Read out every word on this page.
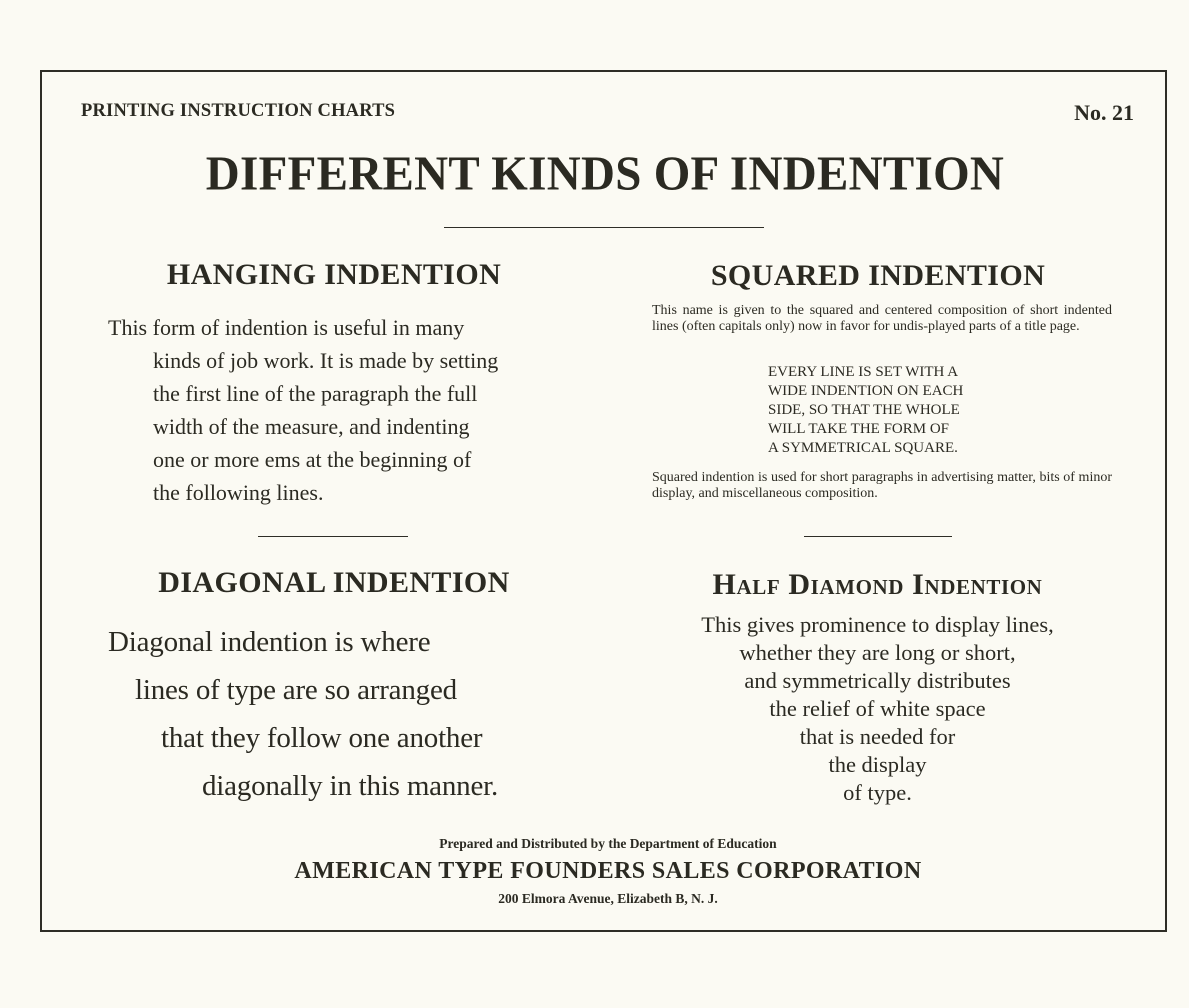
PRINTING INSTRUCTION CHARTS	No. 21
DIFFERENT KINDS OF INDENTION
HANGING INDENTION
This form of indention is useful in many
kinds of job work. It is made by setting
the first line of the paragraph the full
width of the measure, and indenting
one or more ems at the beginning of
the following lines.
SQUARED INDENTION
This name is given to the squared and centered composition of short indented lines (often capitals only) now in favor for undis-played parts of a title page.
EVERY LINE IS SET WITH A
WIDE INDENTION ON EACH
SIDE, SO THAT THE WHOLE
WILL TAKE THE FORM OF
A SYMMETRICAL SQUARE.
Squared indention is used for short paragraphs in advertising matter, bits of minor display, and miscellaneous composition.
DIAGONAL INDENTION
Diagonal indention is where
lines of type are so arranged
that they follow one another
diagonally in this manner.
Half Diamond Indention
This gives prominence to display lines,
whether they are long or short,
and symmetrically distributes
the relief of white space
that is needed for
the display
of type.
Prepared and Distributed by the Department of Education
AMERICAN TYPE FOUNDERS SALES CORPORATION
200 Elmora Avenue, Elizabeth B, N. J.
